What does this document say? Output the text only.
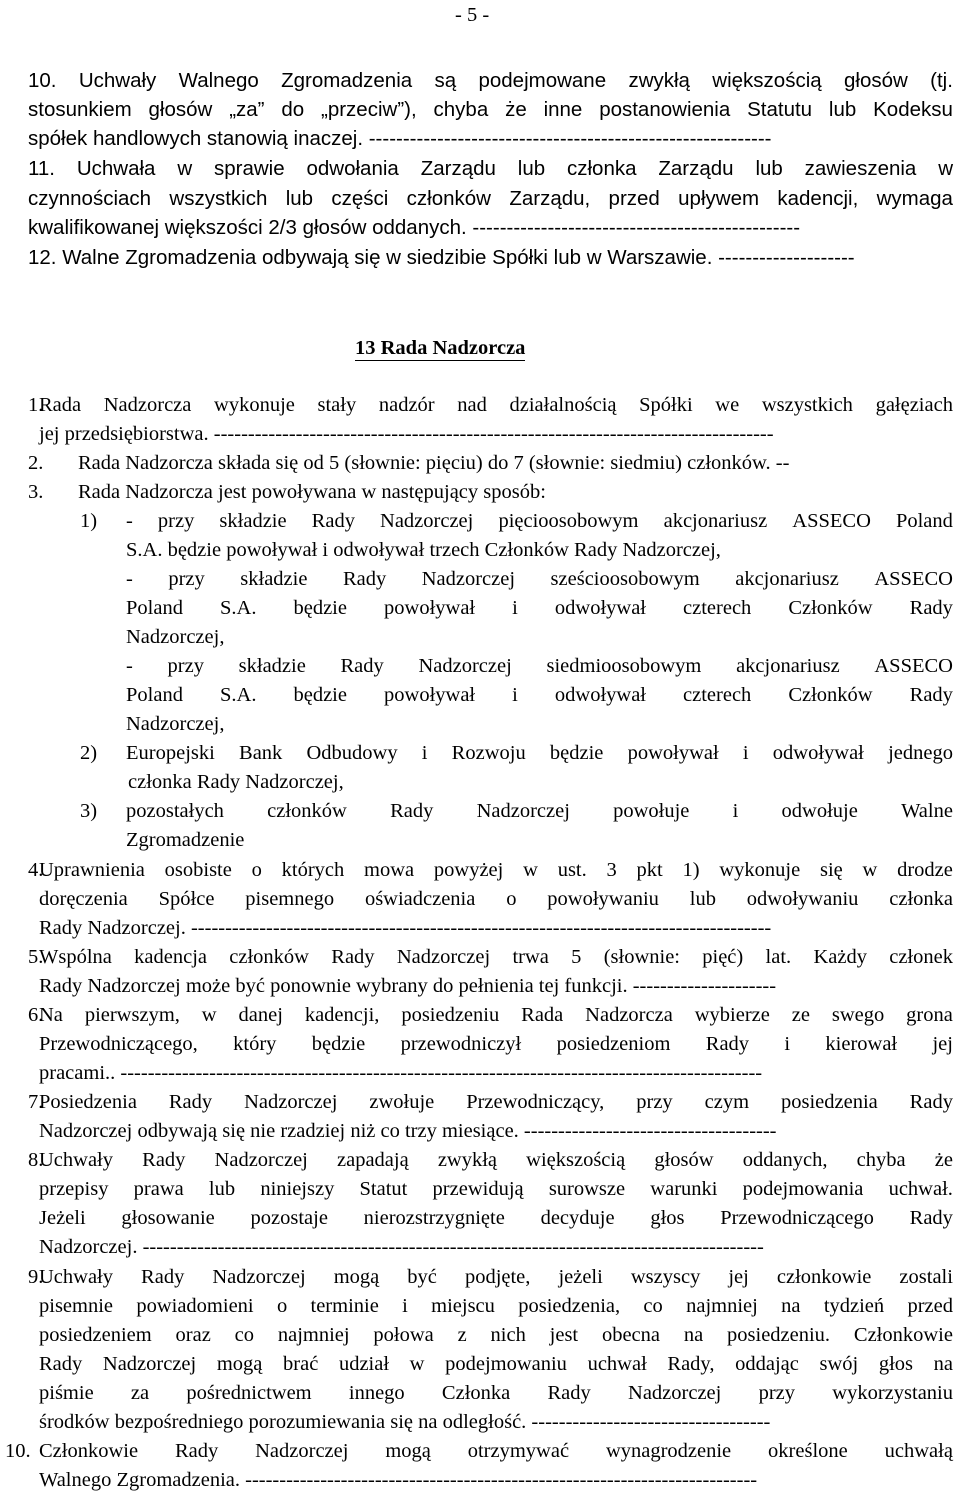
- 5 -
10. Uchwały Walnego Zgromadzenia są podejmowane zwykłą większością głosów (tj.
stosunkiem głosów „za” do „przeciw”), chyba że inne postanowienia Statutu lub Kodeksu
spółek handlowych stanowią inaczej. -----------------------------------------------------------
11. Uchwała w sprawie odwołania Zarządu lub członka Zarządu lub zawieszenia w
czynnościach wszystkich lub części członków Zarządu, przed upływem kadencji, wymaga
kwalifikowanej większości 2/3 głosów oddanych. ------------------------------------------------
12. Walne Zgromadzenia odbywają się w siedzibie Spółki lub w Warszawie. --------------------
13 Rada Nadzorcza
1.
Rada Nadzorcza wykonuje stały nadzór nad działalnością Spółki we wszystkich gałęziach
jej przedsiębiorstwa. ----------------------------------------------------------------------------------
2. Rada Nadzorcza składa się od 5 (słownie: pięciu) do 7 (słownie: siedmiu) członków. --
3. Rada Nadzorcza jest powoływana w następujący sposób:
1) - przy składzie Rady Nadzorczej pięcioosobowym akcjonariusz ASSECO Poland
S.A. będzie powoływał i odwoływał trzech Członków Rady Nadzorczej,
- przy składzie Rady Nadzorczej sześcioosobowym akcjonariusz ASSECO
Poland S.A. będzie powoływał i odwoływał czterech Członków Rady
Nadzorczej,
- przy składzie Rady Nadzorczej siedmioosobowym akcjonariusz ASSECO
Poland S.A. będzie powoływał i odwoływał czterech Członków Rady
Nadzorczej,
2) Europejski Bank Odbudowy i Rozwoju będzie powoływał i odwoływał jednego
członka Rady Nadzorczej,
3) pozostałych członków Rady Nadzorczej powołuje i odwołuje Walne
Zgromadzenie
4.
Uprawnienia osobiste o których mowa powyżej w ust. 3 pkt 1) wykonuje się w drodze
doręczenia Spółce pisemnego oświadczenia o powoływaniu lub odwoływaniu członka
Rady Nadzorczej. -------------------------------------------------------------------------------------
5.
Wspólna kadencja członków Rady Nadzorczej trwa 5 (słownie: pięć) lat. Każdy członek
Rady Nadzorczej może być ponownie wybrany do pełnienia tej funkcji. ---------------------
6.
Na pierwszym, w danej kadencji, posiedzeniu Rada Nadzorcza wybierze ze swego grona
Przewodniczącego, który będzie przewodniczył posiedzeniom Rady i kierował jej
pracami.. ----------------------------------------------------------------------------------------------
7.
Posiedzenia Rady Nadzorczej zwołuje Przewodniczący, przy czym posiedzenia Rady
Nadzorczej odbywają się nie rzadziej niż co trzy miesiące. -------------------------------------
8.
Uchwały Rady Nadzorczej zapadają zwykłą większością głosów oddanych, chyba że
przepisy prawa lub niniejszy Statut przewidują surowsze warunki podejmowania uchwał.
Jeżeli głosowanie pozostaje nierozstrzygnięte decyduje głos Przewodniczącego Rady
Nadzorczej. -------------------------------------------------------------------------------------------
9.
Uchwały Rady Nadzorczej mogą być podjęte, jeżeli wszyscy jej członkowie zostali
pisemnie powiadomieni o terminie i miejscu posiedzenia, co najmniej na tydzień przed
posiedzeniem oraz co najmniej połowa z nich jest obecna na posiedzeniu. Członkowie
Rady Nadzorczej mogą brać udział w podejmowaniu uchwał Rady, oddając swój głos na
piśmie za pośrednictwem innego Członka Rady Nadzorczej przy wykorzystaniu
środków bezpośredniego porozumiewania się na odległość. -----------------------------------
10. Członkowie Rady Nadzorczej mogą otrzymywać wynagrodzenie określone uchwałą
Walnego Zgromadzenia. ---------------------------------------------------------------------------
